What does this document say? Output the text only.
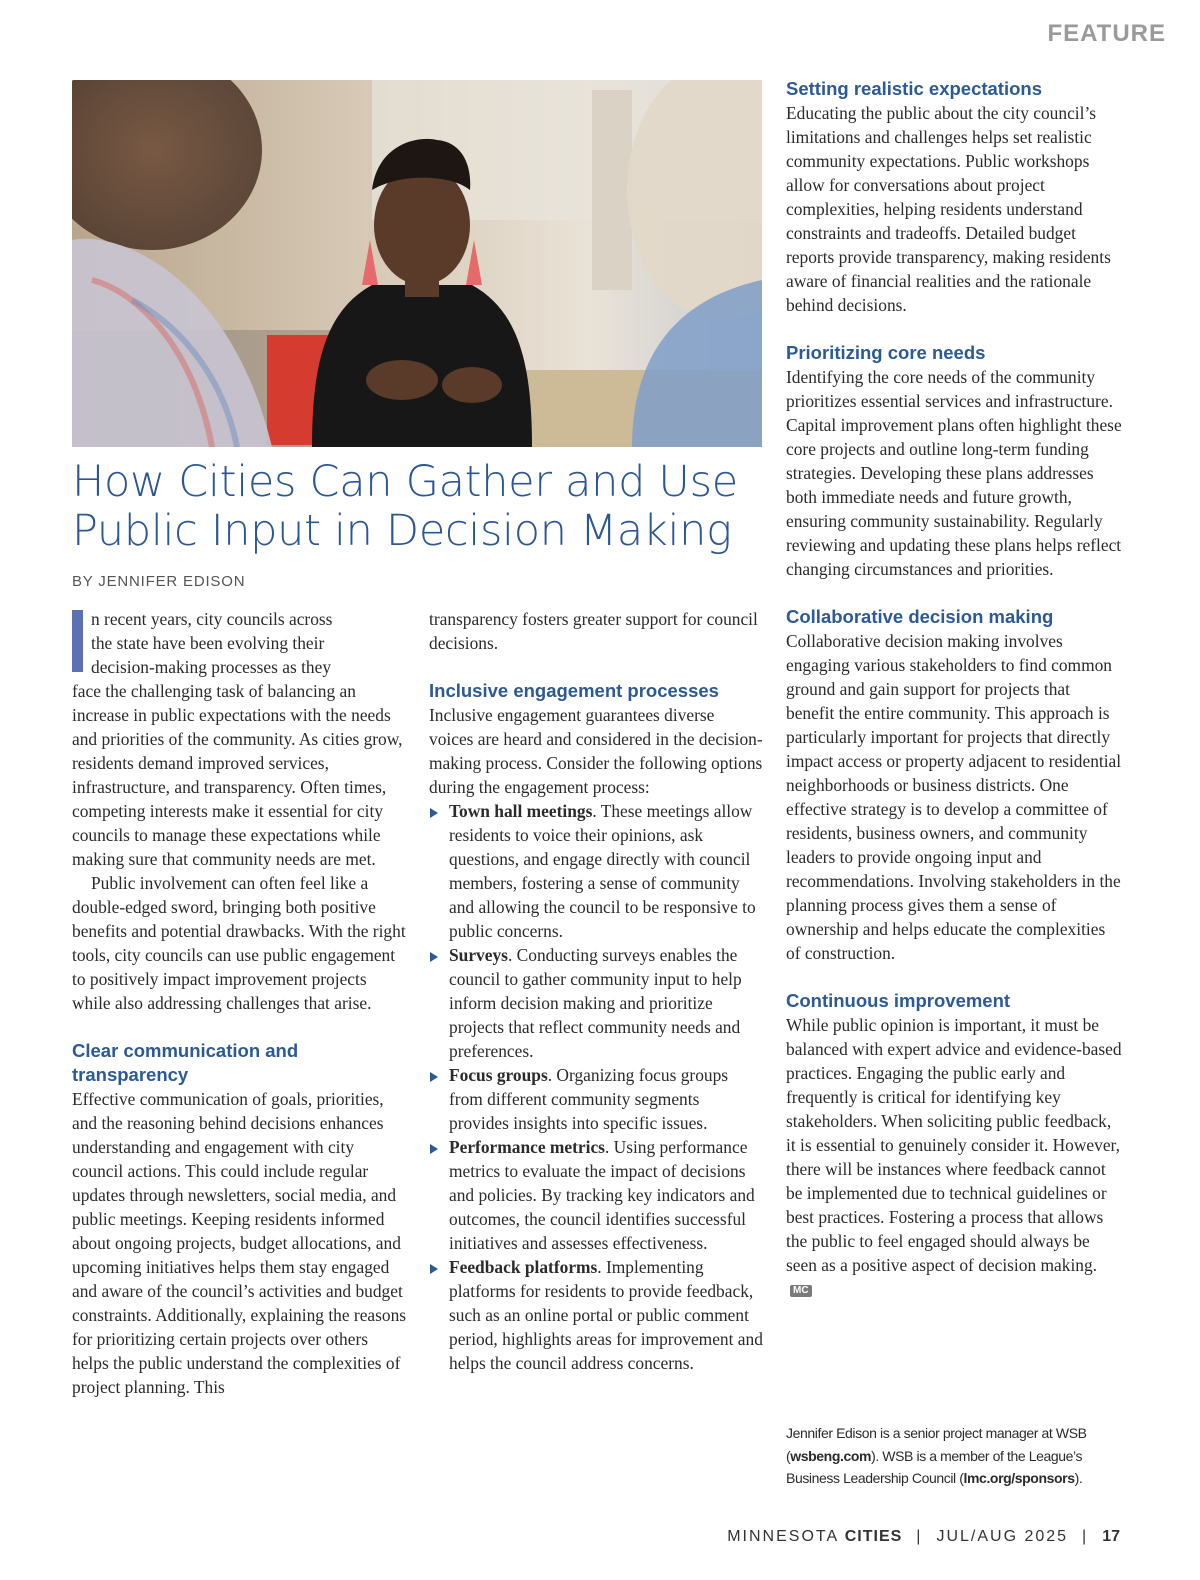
FEATURE
How Cities Can Gather and Use
Public Input in Decision Making
BY JENNIFER EDISON
n recent years, city councils across
the state have been evolving their
decision-making processes as they

face the challenging task of balancing an increase in public expectations with the needs and priorities of the community. As cities grow, residents demand improved services, infrastructure, and transparency. Often times, competing interests make it essential for city councils to manage these expectations while making sure that community needs are met.

Public involvement can often feel like a double-edged sword, bringing both positive benefits and potential drawbacks. With the right tools, city councils can use public engagement to positively impact improvement projects while also addressing challenges that arise.

Clear communication and transparency

Effective communication of goals, priorities, and the reasoning behind decisions enhances understanding and engagement with city council actions. This could include regular updates through newsletters, social media, and public meetings. Keeping residents informed about ongoing projects, budget allocations, and upcoming initiatives helps them stay engaged and aware of the council’s activities and budget constraints. Additionally, explaining the reasons for prioritizing certain projects over others helps the public understand the complexities of project planning. This

transparency fosters greater support for council decisions.

Inclusive engagement processes

Inclusive engagement guarantees diverse voices are heard and considered in the decision-making process. Consider the following options during the engagement process:

Town hall meetings. These meetings allow residents to voice their opinions, ask questions, and engage directly with council members, fostering a sense of community and allowing the council to be responsive to public concerns.
Surveys. Conducting surveys enables the council to gather community input to help inform decision making and prioritize projects that reflect community needs and preferences.
Focus groups. Organizing focus groups from different community segments provides insights into specific issues.
Performance metrics. Using performance metrics to evaluate the impact of decisions and policies. By tracking key indicators and outcomes, the council identifies successful initiatives and assesses effectiveness.
Feedback platforms. Implementing platforms for residents to provide feedback, such as an online portal or public comment period, highlights areas for improvement and helps the council address concerns.
Setting realistic expectations

Educating the public about the city council’s limitations and challenges helps set realistic community expectations. Public workshops allow for conversations about project complexities, helping residents understand constraints and tradeoffs. Detailed budget reports provide transparency, making residents aware of financial realities and the rationale behind decisions.

Prioritizing core needs

Identifying the core needs of the community prioritizes essential services and infrastructure. Capital improvement plans often highlight these core projects and outline long-term funding strategies. Developing these plans addresses both immediate needs and future growth, ensuring community sustainability. Regularly reviewing and updating these plans helps reflect changing circumstances and priorities.

Collaborative decision making

Collaborative decision making involves engaging various stakeholders to find common ground and gain support for projects that benefit the entire community. This approach is particularly important for projects that directly impact access or property adjacent to residential neighborhoods or business districts. One effective strategy is to develop a committee of residents, business owners, and community leaders to provide ongoing input and recommendations. Involving stakeholders in the planning process gives them a sense of ownership and helps educate the complexities of construction.

Continuous improvement

While public opinion is important, it must be balanced with expert advice and evidence-based practices. Engaging the public early and frequently is critical for identifying key stakeholders. When soliciting public feedback, it is essential to genuinely consider it. However, there will be instances where feedback cannot be implemented due to technical guidelines or best practices. Fostering a process that allows the public to feel engaged should always be seen as a positive aspect of decision making.MC

Jennifer Edison is a senior project manager at WSB (wsbeng.com). WSB is a member of the League’s Business Leadership Council (lmc.org/sponsors).
MINNESOTA CITIES | JUL/AUG 2025 | 17
